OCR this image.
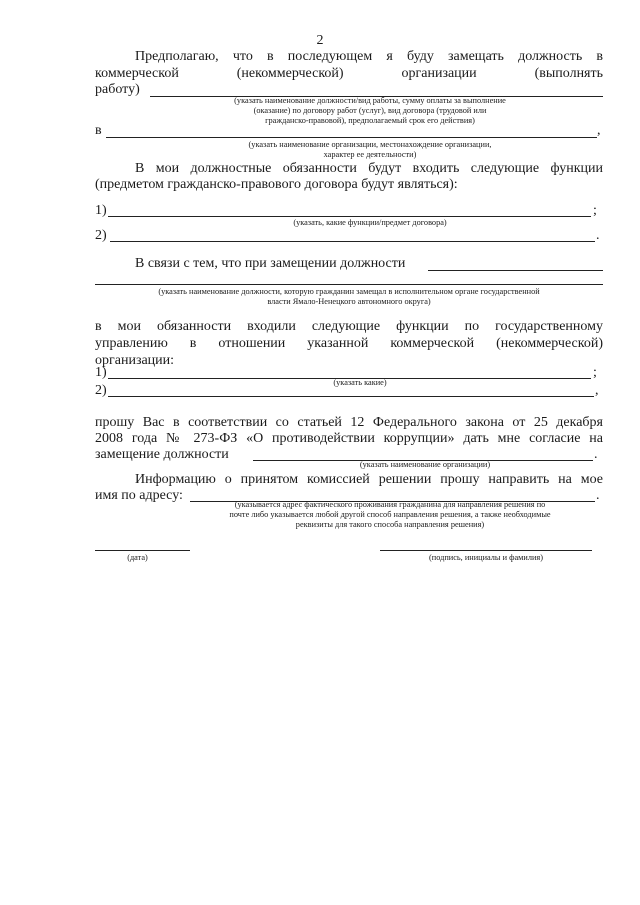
2
Предполагаю, что в последующем я буду замещать должность в
коммерческой (некоммерческой) организации (выполнять
работу)
(указать наименование должности/вид работы, сумму оплаты за выполнение
(оказание) по договору работ (услуг), вид договора (трудовой или
гражданско-правовой), предполагаемый срок его действия)
в	,
(указать наименование организации, местонахождение организации,
характер ее деятельности)
В мои должностные обязанности будут входить следующие функции
(предметом гражданско-правового договора будут являться):
1)	;
(указать, какие функции/предмет договора)
2)	.
В связи с тем, что при замещении должности
(указать наименование должности, которую гражданин замещал в исполнительном органе государственной
власти Ямало-Ненецкого автономного округа)
в мои обязанности входили следующие функции по государственному
управлению в отношении указанной коммерческой (некоммерческой)
организации:
1)	;
(указать какие)
2)	,
прошу Вас в соответствии со статьей 12 Федерального закона от 25 декабря
2008 года № 273-ФЗ «О противодействии коррупции» дать мне согласие на
замещение должности	.
(указать наименование организации)
Информацию о принятом комиссией решении прошу направить на мое
имя по адресу:	.
(указывается адрес фактического проживания гражданина для направления решения по
почте либо указывается любой другой способ направления решения, а также необходимые
реквизиты для такого способа направления решения)
(дата)	(подпись, инициалы и фамилия)
